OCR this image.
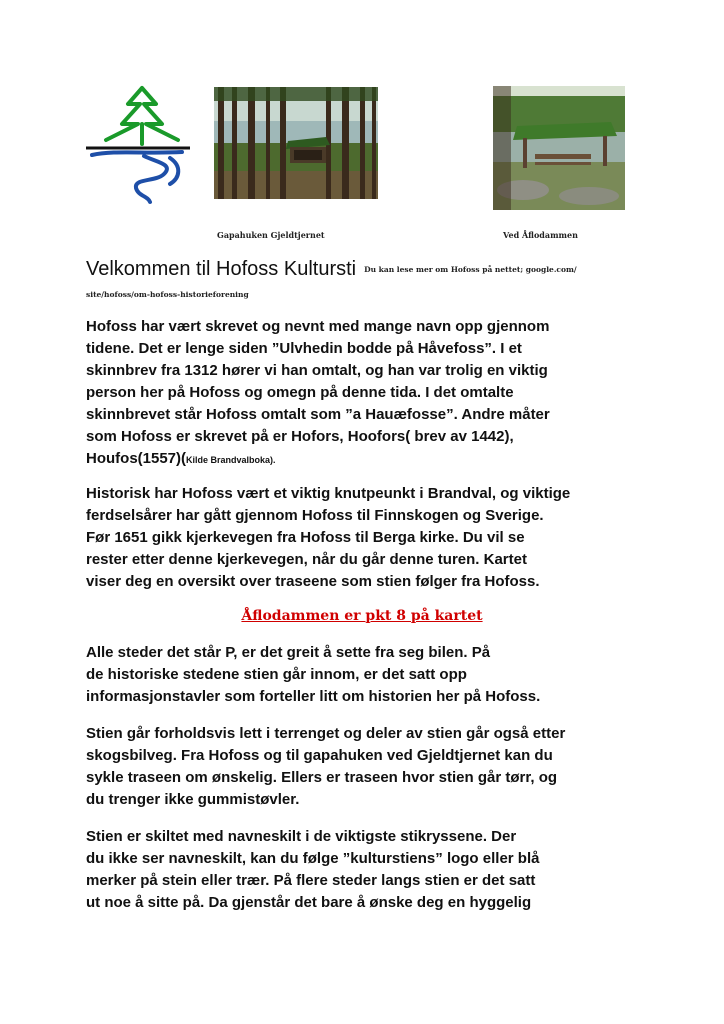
Gapahuken Gjeldtjernet	Ved Åflodammen
Velkommen til Hofoss Kultursti Du kan lese mer om Hofoss på nettet; google.com/
site/hofoss/om-hofoss-historieforening

Hofoss har vært skrevet og nevnt med mange navn opp gjennom
tidene. Det er lenge siden ”Ulvhedin bodde på Håvefoss”. I et
skinnbrev fra 1312 hører vi han omtalt, og han var trolig en viktig
person her på Hofoss og omegn på denne tida. I det omtalte
skinnbrevet står Hofoss omtalt som ”a Hauæfosse”. Andre måter
som Hofoss er skrevet på er Hofors, Hoofors( brev av 1442),
Houfos(1557)(Kilde Brandvalboka).

Historisk har Hofoss vært et viktig knutpeunkt i Brandval, og viktige
ferdselsårer har gått gjennom Hofoss til Finnskogen og Sverige.
Før 1651 gikk kjerkevegen fra Hofoss til Berga kirke. Du vil se
rester etter denne kjerkevegen, når du går denne turen. Kartet
viser deg en oversikt over traseene som stien følger fra Hofoss.

Åflodammen er pkt 8 på kartet

Alle steder det står P, er det greit å sette fra seg bilen. På
de historiske stedene stien går innom, er det satt opp
informasjonstavler som forteller litt om historien her på Hofoss.

Stien går forholdsvis lett i terrenget og deler av stien går også etter
skogsbilveg. Fra Hofoss og til gapahuken ved Gjeldtjernet kan du
sykle traseen om ønskelig. Ellers er traseen hvor stien går tørr, og
du trenger ikke gummistøvler.

Stien er skiltet med navneskilt i de viktigste stikryssene. Der
du ikke ser navneskilt, kan du følge ”kulturstiens” logo eller blå
merker på stein eller trær. På flere steder langs stien er det satt
ut noe å sitte på. Da gjenstår det bare å ønske deg en hyggelig
